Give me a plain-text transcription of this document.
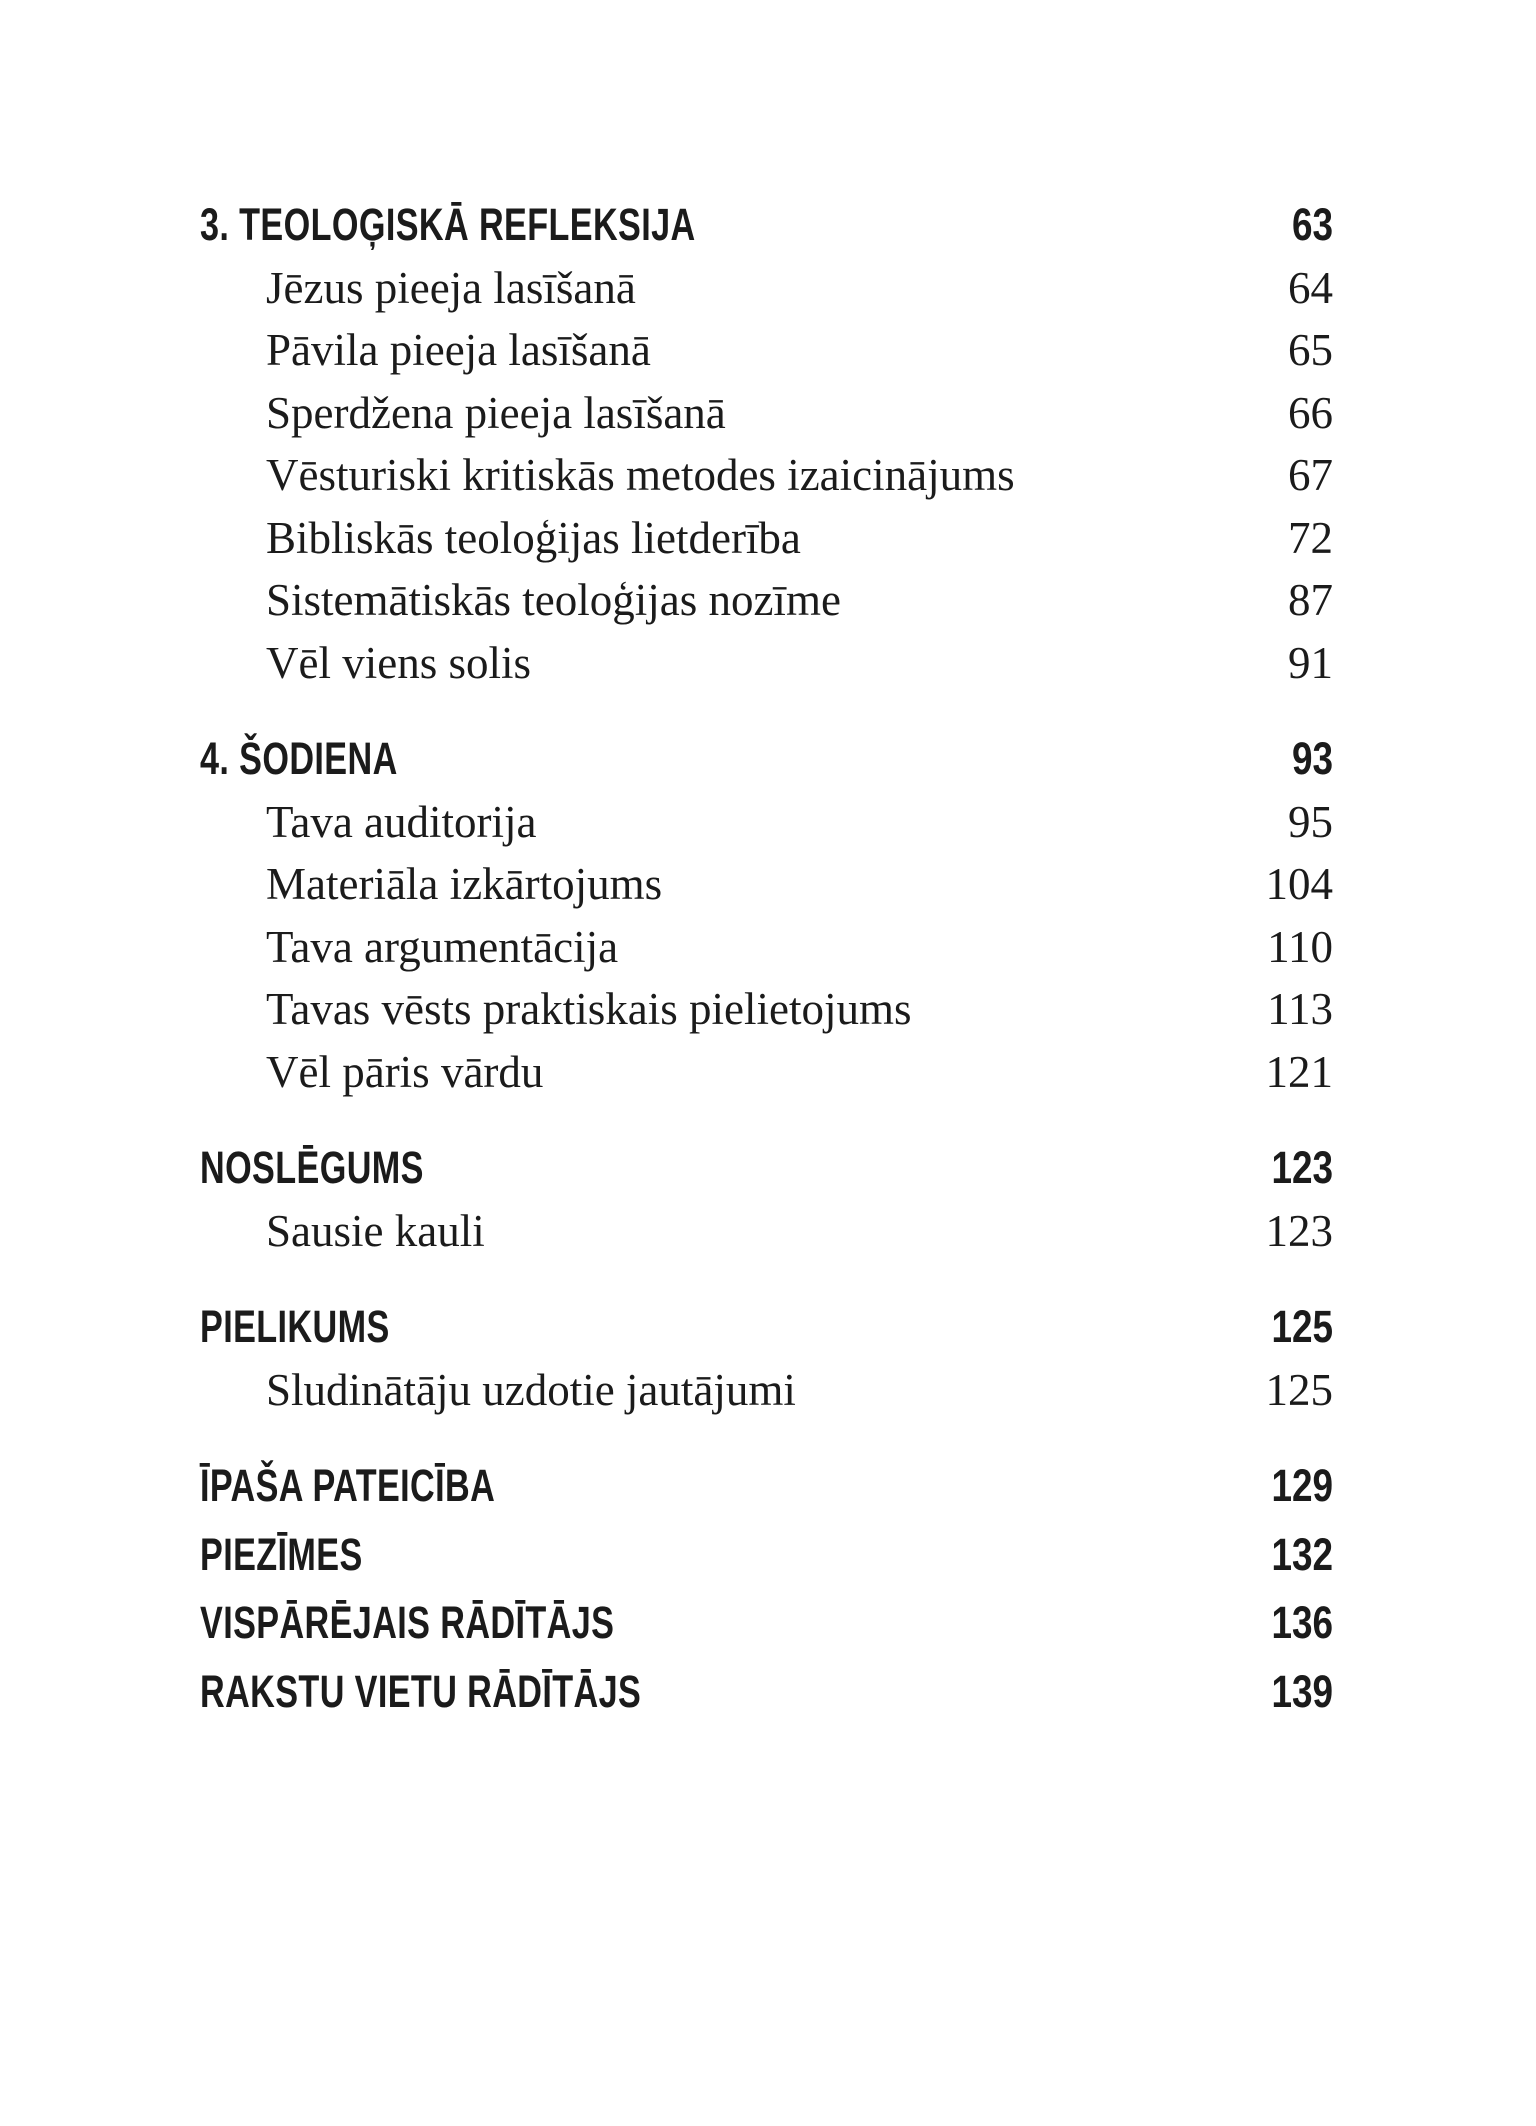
3. TEOLOĢISKĀ REFLEKSIJA	63
Jēzus pieeja lasīšanā	64
Pāvila pieeja lasīšanā	65
Sperdžena pieeja lasīšanā	66
Vēsturiski kritiskās metodes izaicinājums	67
Bibliskās teoloģijas lietderība	72
Sistemātiskās teoloģijas nozīme	87
Vēl viens solis	91
4. ŠODIENA	93
Tava auditorija	95
Materiāla izkārtojums	104
Tava argumentācija	110
Tavas vēsts praktiskais pielietojums	113
Vēl pāris vārdu	121
NOSLĒGUMS	123
Sausie kauli	123
PIELIKUMS	125
Sludinātāju uzdotie jautājumi	125
ĪPAŠA PATEICĪBA	129
PIEZĪMES	132
VISPĀRĒJAIS RĀDĪTĀJS	136
RAKSTU VIETU RĀDĪTĀJS	139
